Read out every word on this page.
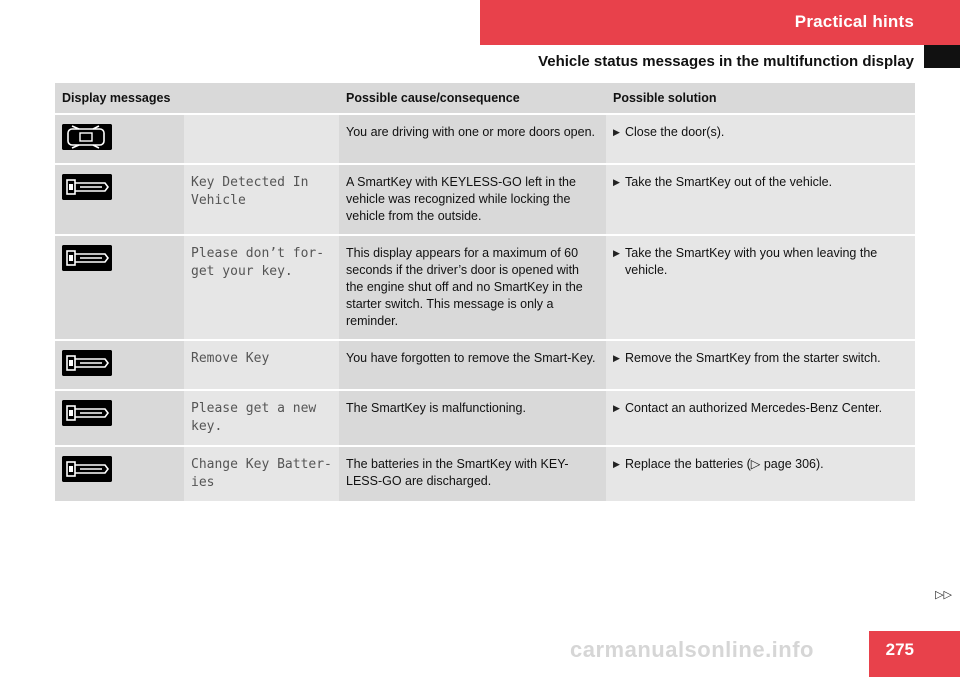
Practical hints
Vehicle status messages in the multifunction display
Display messages		Possible cause/consequence	Possible solution

		You are driving with one or more doors open.	▶ Close the door(s).

	Key Detected In Vehicle	A SmartKey with KEYLESS-GO left in the vehicle was recognized while locking the vehicle from the outside.	▶ Take the SmartKey out of the vehicle.

	Please don’t for-get your key.	This display appears for a maximum of 60 seconds if the driver’s door is opened with the engine shut off and no SmartKey in the starter switch. This message is only a reminder.	▶ Take the SmartKey with you when leaving the vehicle.

	Remove Key	You have forgotten to remove the Smart-Key.	▶ Remove the SmartKey from the starter switch.

	Please get a new key.	The SmartKey is malfunctioning.	▶ Contact an authorized Mercedes-Benz Center.

	Change Key Batter-ies	The batteries in the SmartKey with KEY-LESS-GO are discharged.	▶ Replace the batteries (▷ page 306).
▷▷
275
carmanualsonline.info
